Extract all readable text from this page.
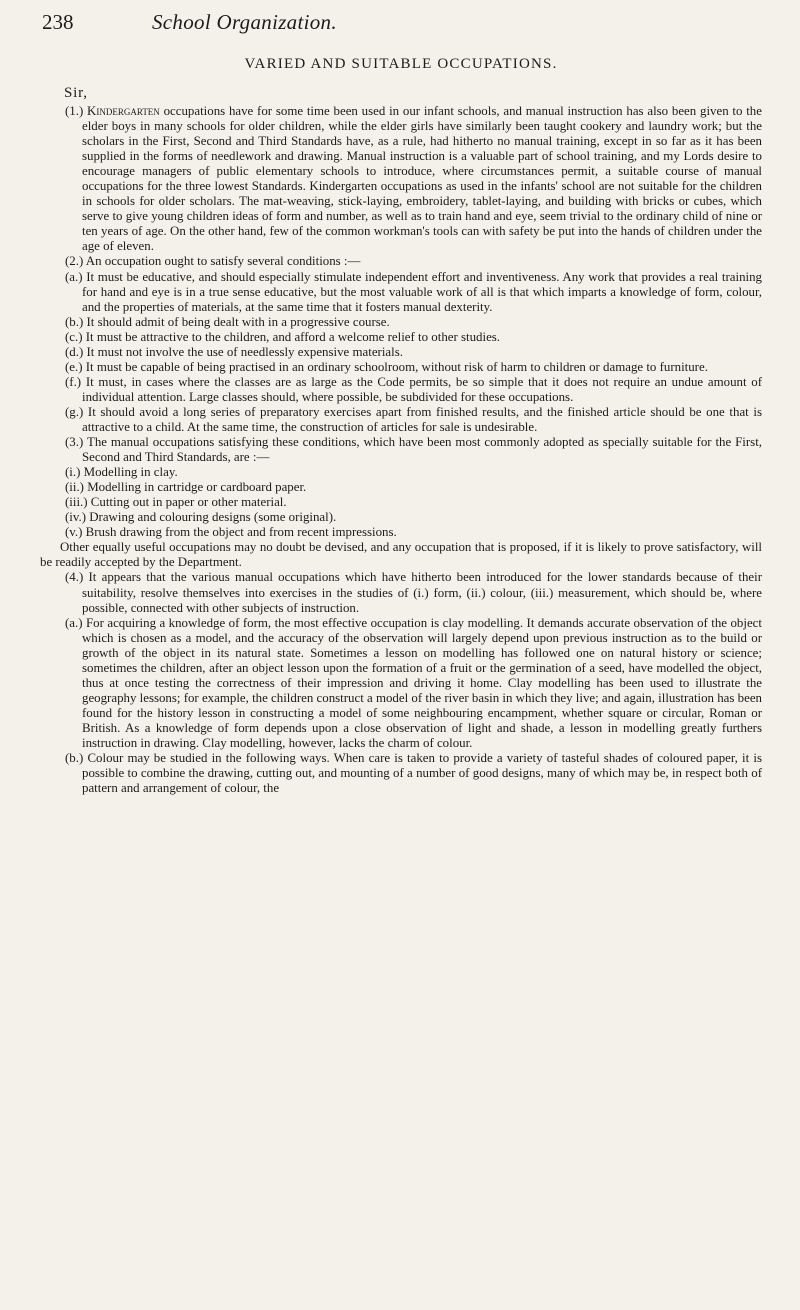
238	School Organization.
VARIED AND SUITABLE OCCUPATIONS.
Sir,

(1.) Kindergarten occupations have for some time been used in our infant schools, and manual instruction has also been given to the elder boys in many schools for older children, while the elder girls have similarly been taught cookery and laundry work; but the scholars in the First, Second and Third Standards have, as a rule, had hitherto no manual training, except in so far as it has been supplied in the forms of needlework and drawing. Manual instruction is a valuable part of school training, and my Lords desire to encourage managers of public elementary schools to introduce, where circumstances permit, a suitable course of manual occupations for the three lowest Standards. Kindergarten occupations as used in the infants' school are not suitable for the children in schools for older scholars. The mat-weaving, stick-laying, embroidery, tablet-laying, and building with bricks or cubes, which serve to give young children ideas of form and number, as well as to train hand and eye, seem trivial to the ordinary child of nine or ten years of age. On the other hand, few of the common workman's tools can with safety be put into the hands of children under the age of eleven.

(2.) An occupation ought to satisfy several conditions :—

(a.) It must be educative, and should especially stimulate independent effort and inventiveness. Any work that provides a real training for hand and eye is in a true sense educative, but the most valuable work of all is that which imparts a knowledge of form, colour, and the properties of materials, at the same time that it fosters manual dexterity.

(b.) It should admit of being dealt with in a progressive course.

(c.) It must be attractive to the children, and afford a welcome relief to other studies.

(d.) It must not involve the use of needlessly expensive materials.

(e.) It must be capable of being practised in an ordinary schoolroom, without risk of harm to children or damage to furniture.

(f.) It must, in cases where the classes are as large as the Code permits, be so simple that it does not require an undue amount of individual attention. Large classes should, where possible, be subdivided for these occupations.

(g.) It should avoid a long series of preparatory exercises apart from finished results, and the finished article should be one that is attractive to a child. At the same time, the construction of articles for sale is undesirable.

(3.) The manual occupations satisfying these conditions, which have been most commonly adopted as specially suitable for the First, Second and Third Standards, are :—

(i.) Modelling in clay.

(ii.) Modelling in cartridge or cardboard paper.

(iii.) Cutting out in paper or other material.

(iv.) Drawing and colouring designs (some original).

(v.) Brush drawing from the object and from recent impressions.

Other equally useful occupations may no doubt be devised, and any occupation that is proposed, if it is likely to prove satisfactory, will be readily accepted by the Department.

(4.) It appears that the various manual occupations which have hitherto been introduced for the lower standards because of their suitability, resolve themselves into exercises in the studies of (i.) form, (ii.) colour, (iii.) measurement, which should be, where possible, connected with other subjects of instruction.

(a.) For acquiring a knowledge of form, the most effective occupation is clay modelling. It demands accurate observation of the object which is chosen as a model, and the accuracy of the observation will largely depend upon previous instruction as to the build or growth of the object in its natural state. Sometimes a lesson on modelling has followed one on natural history or science; sometimes the children, after an object lesson upon the formation of a fruit or the germination of a seed, have modelled the object, thus at once testing the correctness of their impression and driving it home. Clay modelling has been used to illustrate the geography lessons; for example, the children construct a model of the river basin in which they live; and again, illustration has been found for the history lesson in constructing a model of some neighbouring encampment, whether square or circular, Roman or British. As a knowledge of form depends upon a close observation of light and shade, a lesson in modelling greatly furthers instruction in drawing. Clay modelling, however, lacks the charm of colour.

(b.) Colour may be studied in the following ways. When care is taken to provide a variety of tasteful shades of coloured paper, it is possible to combine the drawing, cutting out, and mounting of a number of good designs, many of which may be, in respect both of pattern and arrangement of colour, the
